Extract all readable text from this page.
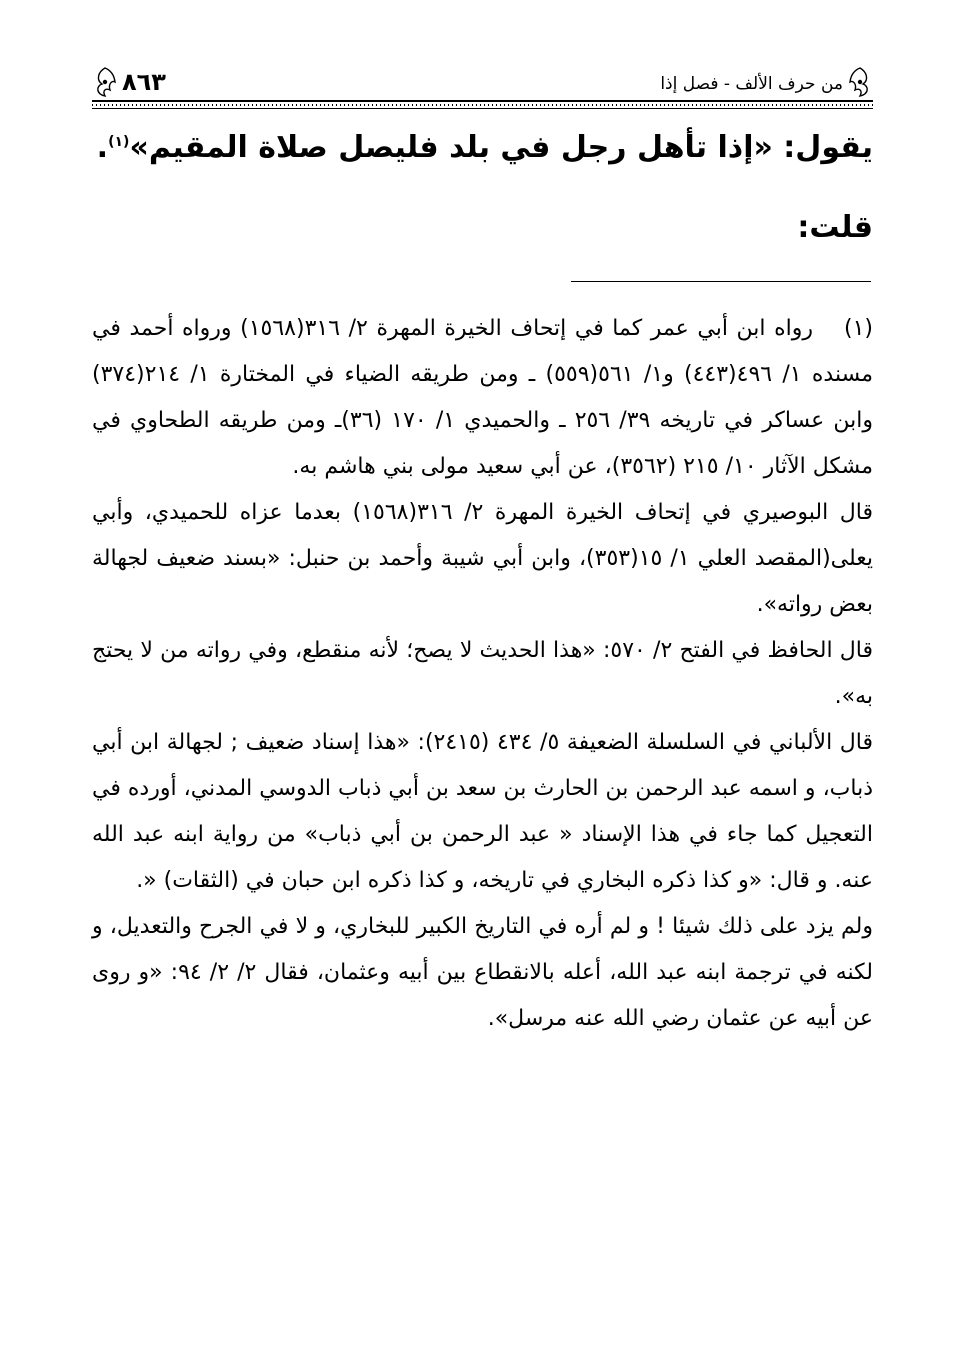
من حرف الألف - فصل إذا
٨٦٣
يقول: «إذا تأهل رجل في بلد فليصل صلاة المقيم»$^{(١)}$.
قلت:

(١)رواه ابن أبي عمر كما في إتحاف الخيرة المهرة ٢/ ٣١٦(١٥٦٨) ورواه أحمد في مسنده ١/ ٤٩٦(٤٤٣) و١/ ٥٦١(٥٥٩) ـ ومن طريقه الضياء في المختارة ١/ ٢١٤(٣٧٤) وابن عساكر في تاريخه ٣٩/ ٢٥٦ ـ والحميدي ١/ ١٧٠ (٣٦)ـ ومن طريقه الطحاوي في مشكل الآثار ١٠/ ٢١٥ (٣٥٦٢)، عن أبي سعيد مولى بني هاشم به.

قال البوصيري في إتحاف الخيرة المهرة ٢/ ٣١٦(١٥٦٨) بعدما عزاه للحميدي، وأبي يعلى(المقصد العلي ١/ ١٥(٣٥٣)، وابن أبي شيبة وأحمد بن حنبل: «بسند ضعيف لجهالة بعض رواته».

قال الحافظ في الفتح ٢/ ٥٧٠: «هذا الحديث لا يصح؛ لأنه منقطع، وفي رواته من لا يحتج به».

قال الألباني في السلسلة الضعيفة ٥/ ٤٣٤ (٢٤١٥): «هذا إسناد ضعيف ; لجهالة ابن أبي ذباب، و اسمه عبد الرحمن بن الحارث بن سعد بن أبي ذباب الدوسي المدني، أورده في التعجيل كما جاء في هذا الإسناد « عبد الرحمن بن أبي ذباب» من رواية ابنه عبد الله عنه. و قال: «و كذا ذكره البخاري في تاريخه، و كذا ذكره ابن حبان في (الثقات) «.

ولم يزد على ذلك شيئا ! و لم أره في التاريخ الكبير للبخاري، و لا في الجرح والتعديل، و لكنه في ترجمة ابنه عبد الله، أعله بالانقطاع بين أبيه وعثمان، فقال ٢/ ٢/ ٩٤: «و روى عن أبيه عن عثمان رضي الله عنه مرسل».
